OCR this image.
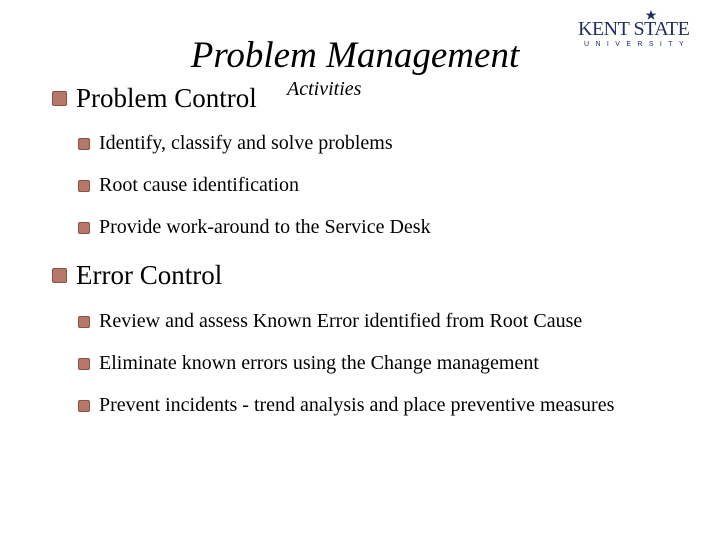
Problem Management
KENT STATE
UNIVERSITY
Problem Control Activities
Identify, classify and solve problems
Root cause identification
Provide work-around to the Service Desk
Error Control
Review and assess Known Error identified from Root Cause
Eliminate known errors using the Change management
Prevent incidents - trend analysis and place preventive measures
